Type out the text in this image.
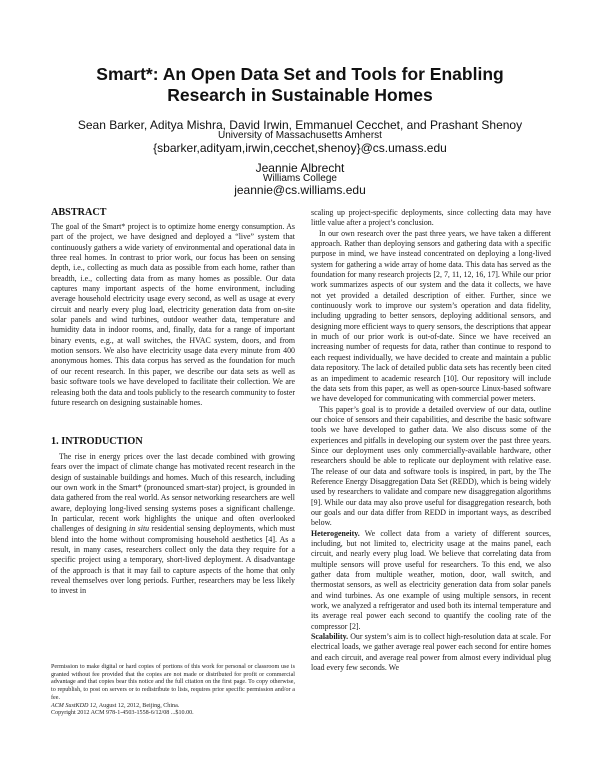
Smart*: An Open Data Set and Tools for Enabling
Research in Sustainable Homes
Sean Barker, Aditya Mishra, David Irwin, Emmanuel Cecchet, and Prashant Shenoy
University of Massachusetts Amherst
{sbarker,adityam,irwin,cecchet,shenoy}@cs.umass.edu
Jeannie Albrecht
Williams College
jeannie@cs.williams.edu
ABSTRACT

The goal of the Smart* project is to optimize home energy consumption. As part of the project, we have designed and deployed a “live” system that continuously gathers a wide variety of environmental and operational data in three real homes. In contrast to prior work, our focus has been on sensing depth, i.e., collecting as much data as possible from each home, rather than breadth, i.e., collecting data from as many homes as possible. Our data captures many important aspects of the home environment, including average household electricity usage every second, as well as usage at every circuit and nearly every plug load, electricity generation data from on-site solar panels and wind turbines, outdoor weather data, temperature and humidity data in indoor rooms, and, finally, data for a range of important binary events, e.g., at wall switches, the HVAC system, doors, and from motion sensors. We also have electricity usage data every minute from 400 anonymous homes. This data corpus has served as the foundation for much of our recent research. In this paper, we describe our data sets as well as basic software tools we have developed to facilitate their collection. We are releasing both the data and tools publicly to the research community to foster future research on designing sustainable homes.

1. INTRODUCTION

The rise in energy prices over the last decade combined with growing fears over the impact of climate change has motivated recent research in the design of sustainable buildings and homes. Much of this research, including our own work in the Smart* (pronounced smart-star) project, is grounded in data gathered from the real world. As sensor networking researchers are well aware, deploying long-lived sensing systems poses a significant challenge. In particular, recent work highlights the unique and often overlooked challenges of designing in situ residential sensing deployments, which must blend into the home without compromising household aesthetics [4]. As a result, in many cases, researchers collect only the data they require for a specific project using a temporary, short-lived deployment. A disadvantage of the approach is that it may fail to capture aspects of the home that only reveal themselves over long periods. Further, researchers may be less likely to invest in

Permission to make digital or hard copies of portions of this work for personal or classroom use is granted without fee provided that the copies are not made or distributed for profit or commercial advantage and that copies bear this notice and the full citation on the first page. To copy otherwise, to republish, to post on servers or to redistribute to lists, requires prior specific permission and/or a fee.

ACM SustKDD 12, August 12, 2012, Beijing, China.

Copyright 2012 ACM 978-1-4503-1558-6/12/08 ...$10.00.

scaling up project-specific deployments, since collecting data may have little value after a project’s conclusion.

In our own research over the past three years, we have taken a different approach. Rather than deploying sensors and gathering data with a specific purpose in mind, we have instead concentrated on deploying a long-lived system for gathering a wide array of home data. This data has served as the foundation for many research projects [2, 7, 11, 12, 16, 17]. While our prior work summarizes aspects of our system and the data it collects, we have not yet provided a detailed description of either. Further, since we continuously work to improve our system’s operation and data fidelity, including upgrading to better sensors, deploying additional sensors, and designing more efficient ways to query sensors, the descriptions that appear in much of our prior work is out-of-date. Since we have received an increasing number of requests for data, rather than continue to respond to each request individually, we have decided to create and maintain a public data repository. The lack of detailed public data sets has recently been cited as an impediment to academic research [10]. Our repository will include the data sets from this paper, as well as open-source Linux-based software we have developed for communicating with commercial power meters.

This paper’s goal is to provide a detailed overview of our data, outline our choice of sensors and their capabilities, and describe the basic software tools we have developed to gather data. We also discuss some of the experiences and pitfalls in developing our system over the past three years. Since our deployment uses only commercially-available hardware, other researchers should be able to replicate our deployment with relative ease. The release of our data and software tools is inspired, in part, by the The Reference Energy Disaggregation Data Set (REDD), which is being widely used by researchers to validate and compare new disaggregation algorithms [9]. While our data may also prove useful for disaggregation research, both our goals and our data differ from REDD in important ways, as described below.

Heterogeneity. We collect data from a variety of different sources, including, but not limited to, electricity usage at the mains panel, each circuit, and nearly every plug load. We believe that correlating data from multiple sensors will prove useful for researchers. To this end, we also gather data from multiple weather, motion, door, wall switch, and thermostat sensors, as well as electricity generation data from solar panels and wind turbines. As one example of using multiple sensors, in recent work, we analyzed a refrigerator and used both its internal temperature and its average real power each second to quantify the cooling rate of the compressor [2].

Scalability. Our system’s aim is to collect high-resolution data at scale. For electrical loads, we gather average real power each second for entire homes and each circuit, and average real power from almost every individual plug load every few seconds. We
